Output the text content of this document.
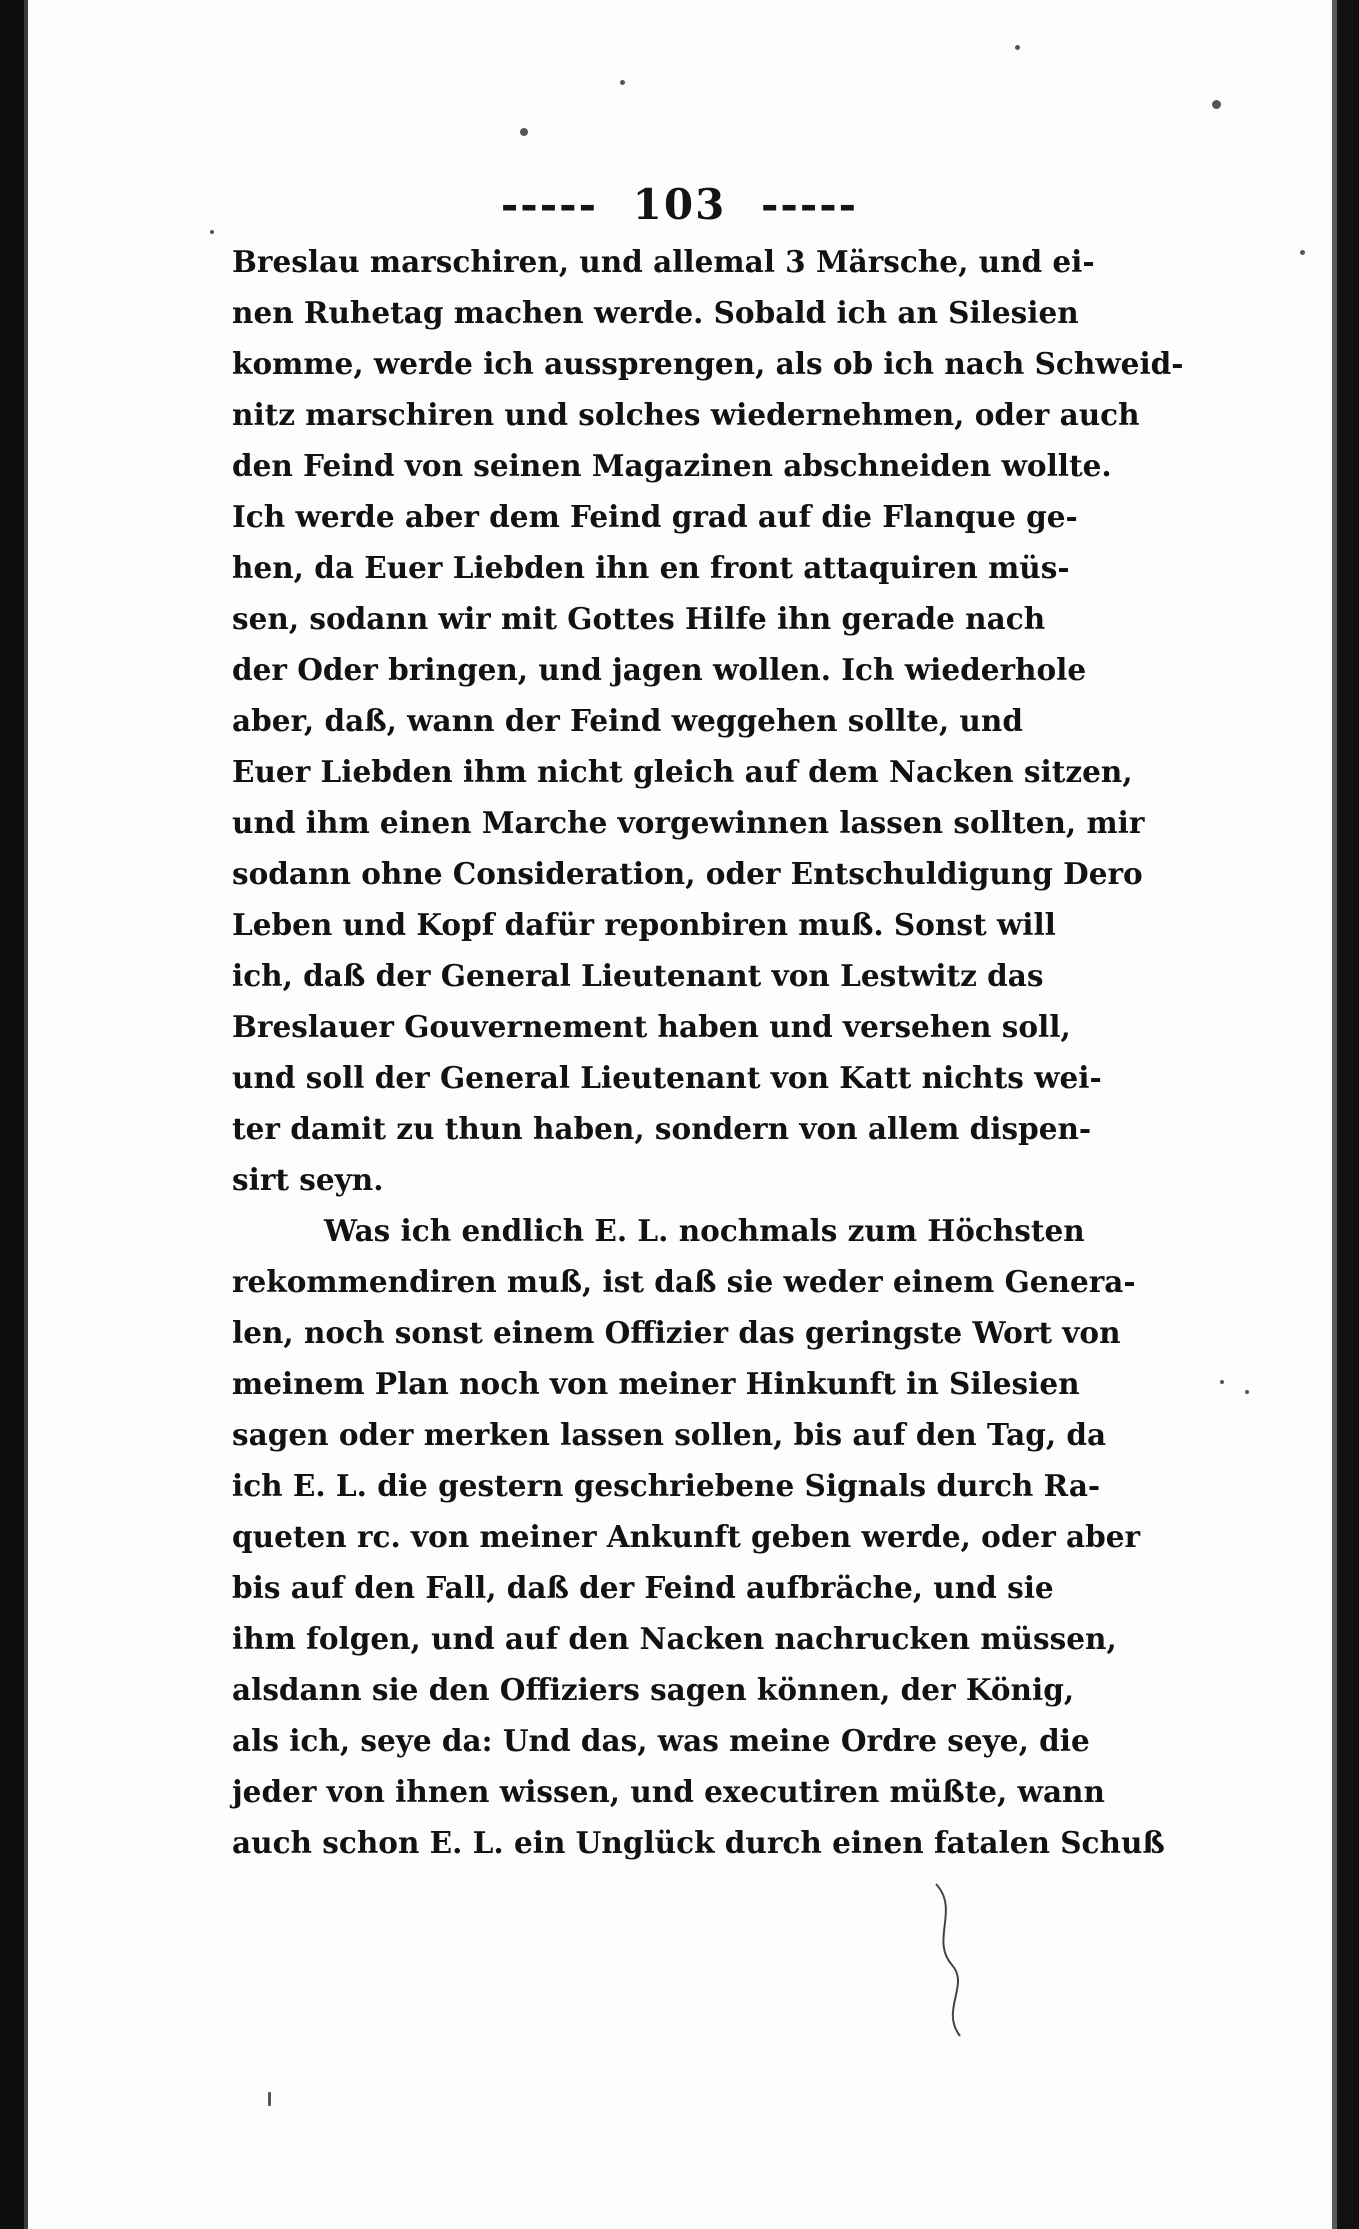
----- 103 -----
Breslau marschiren, und allemal 3 Märsche, und ei-
nen Ruhetag machen werde. Sobald ich an Silesien
komme, werde ich aussprengen, als ob ich nach Schweid-
nitz marschiren und solches wiedernehmen, oder auch
den Feind von seinen Magazinen abschneiden wollte.
Ich werde aber dem Feind grad auf die Flanque ge-
hen, da Euer Liebden ihn en front attaquiren müs-
sen, sodann wir mit Gottes Hilfe ihn gerade nach
der Oder bringen, und jagen wollen. Ich wiederhole
aber, daß, wann der Feind weggehen sollte, und
Euer Liebden ihm nicht gleich auf dem Nacken sitzen,
und ihm einen Marche vorgewinnen lassen sollten, mir
sodann ohne Consideration, oder Entschuldigung Dero
Leben und Kopf dafür reponbiren muß. Sonst will
ich, daß der General Lieutenant von Lestwitz das
Breslauer Gouvernement haben und versehen soll,
und soll der General Lieutenant von Katt nichts wei-
ter damit zu thun haben, sondern von allem dispen-
sirt seyn.
Was ich endlich E. L. nochmals zum Höchsten
rekommendiren muß, ist daß sie weder einem Genera-
len, noch sonst einem Offizier das geringste Wort von
meinem Plan noch von meiner Hinkunft in Silesien
sagen oder merken lassen sollen, bis auf den Tag, da
ich E. L. die gestern geschriebene Signals durch Ra-
queten rc. von meiner Ankunft geben werde, oder aber
bis auf den Fall, daß der Feind aufbräche, und sie
ihm folgen, und auf den Nacken nachrucken müssen,
alsdann sie den Offiziers sagen können, der König,
als ich, seye da: Und das, was meine Ordre seye, die
jeder von ihnen wissen, und executiren müßte, wann
auch schon E. L. ein Unglück durch einen fatalen Schuß
